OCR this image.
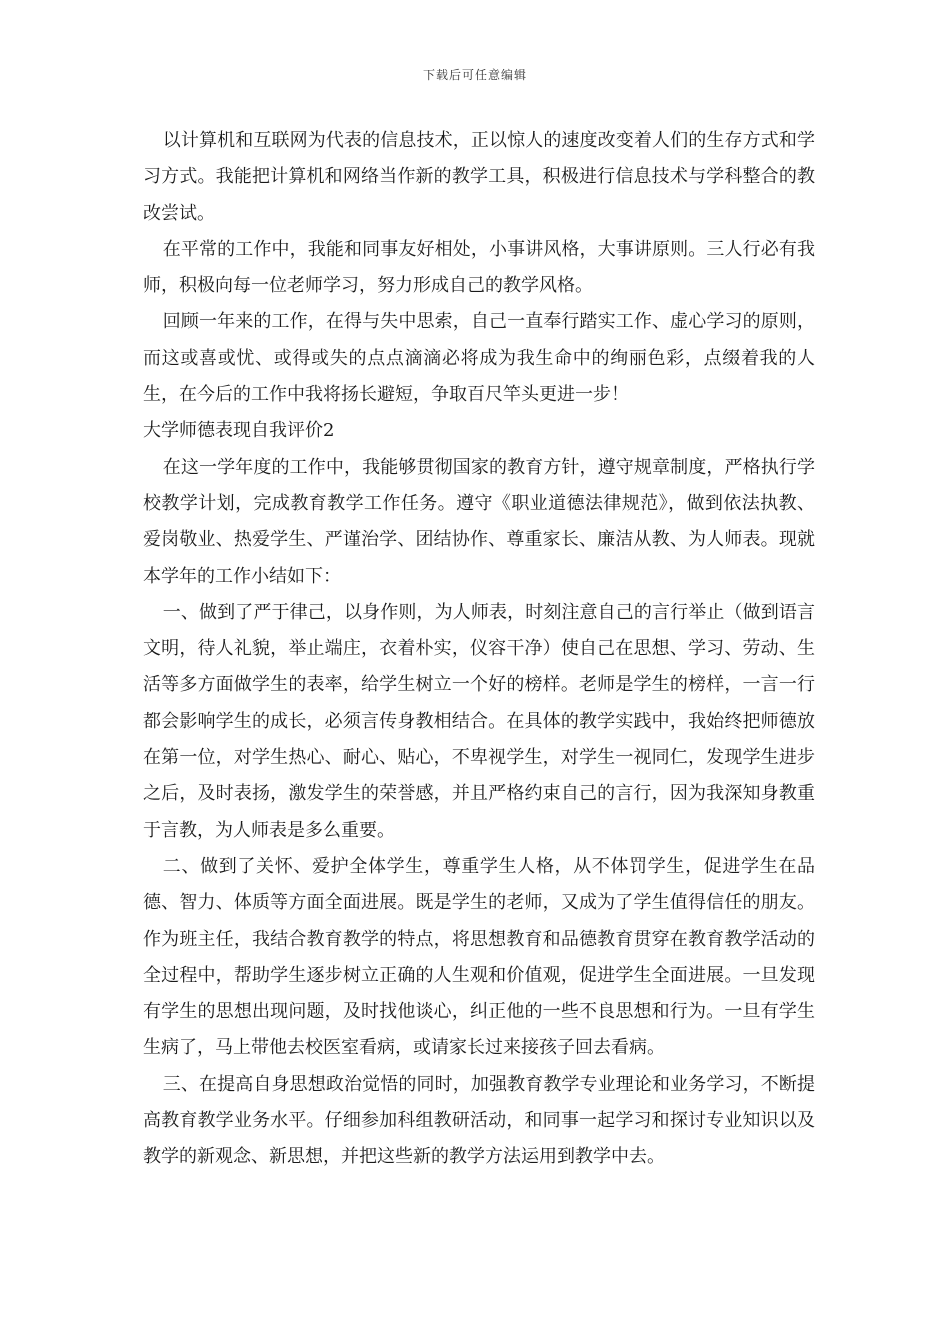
下载后可任意编辑

以计算机和互联网为代表的信息技术，正以惊人的速度改变着人们的生存方式和学习方式。我能把计算机和网络当作新的教学工具，积极进行信息技术与学科整合的教改尝试。

在平常的工作中，我能和同事友好相处，小事讲风格，大事讲原则。三人行必有我师，积极向每一位老师学习，努力形成自己的教学风格。

回顾一年来的工作，在得与失中思索，自己一直奉行踏实工作、虚心学习的原则，而这或喜或忧、或得或失的点点滴滴必将成为我生命中的绚丽色彩，点缀着我的人生，在今后的工作中我将扬长避短，争取百尺竿头更进一步！

大学师德表现自我评价2

在这一学年度的工作中，我能够贯彻国家的教育方针，遵守规章制度，严格执行学校教学计划，完成教育教学工作任务。遵守《职业道德法律规范》，做到依法执教、爱岗敬业、热爱学生、严谨治学、团结协作、尊重家长、廉洁从教、为人师表。现就本学年的工作小结如下：

一、做到了严于律己，以身作则，为人师表，时刻注意自己的言行举止（做到语言文明，待人礼貌，举止端庄，衣着朴实，仪容干净）使自己在思想、学习、劳动、生活等多方面做学生的表率，给学生树立一个好的榜样。老师是学生的榜样，一言一行都会影响学生的成长，必须言传身教相结合。在具体的教学实践中，我始终把师德放在第一位，对学生热心、耐心、贴心，不卑视学生，对学生一视同仁，发现学生进步之后，及时表扬，激发学生的荣誉感，并且严格约束自己的言行，因为我深知身教重于言教，为人师表是多么重要。

二、做到了关怀、爱护全体学生，尊重学生人格，从不体罚学生，促进学生在品德、智力、体质等方面全面进展。既是学生的老师，又成为了学生值得信任的朋友。作为班主任，我结合教育教学的特点，将思想教育和品德教育贯穿在教育教学活动的全过程中，帮助学生逐步树立正确的人生观和价值观，促进学生全面进展。一旦发现有学生的思想出现问题，及时找他谈心，纠正他的一些不良思想和行为。一旦有学生生病了，马上带他去校医室看病，或请家长过来接孩子回去看病。

三、在提高自身思想政治觉悟的同时，加强教育教学专业理论和业务学习，不断提高教育教学业务水平。仔细参加科组教研活动，和同事一起学习和探讨专业知识以及教学的新观念、新思想，并把这些新的教学方法运用到教学中去。
